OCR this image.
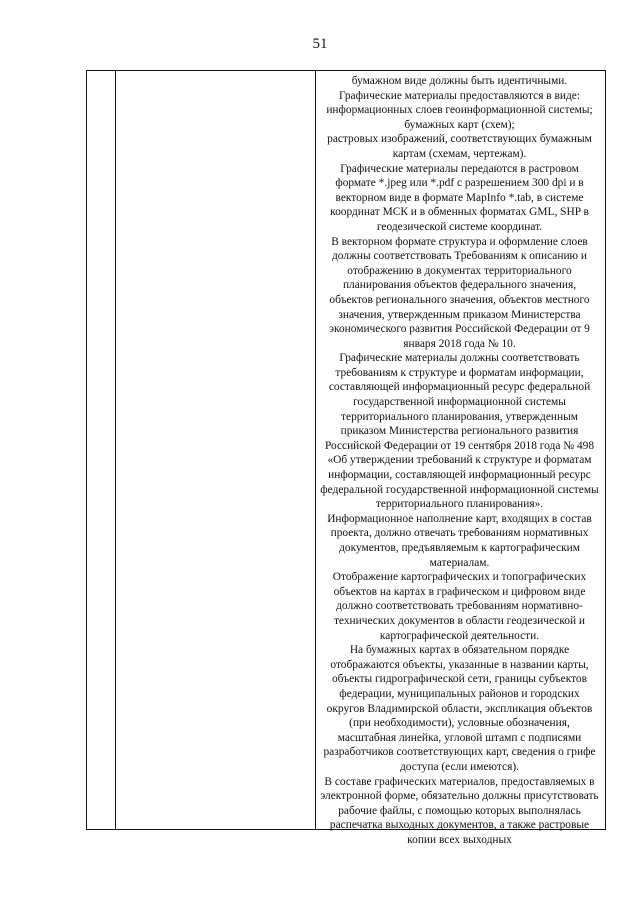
51

бумажном виде должны быть идентичными.

Графические материалы предоставляются в виде:

информационных слоев геоинформационной системы;

бумажных карт (схем);

растровых изображений, соответствующих бумажным картам (схемам, чертежам).

Графические материалы передаются в растровом формате *.jpeg или *.pdf с разрешением 300 dpi и в векторном виде в формате MapInfo *.tab, в системе координат МСК и в обменных форматах GML, SHP в геодезической системе координат.

В векторном формате структура и оформление слоев должны соответствовать Требованиям к описанию и отображению в документах территориального планирования объектов федерального значения, объектов регионального значения, объектов местного значения, утвержденным приказом Министерства экономического развития Российской Федерации от 9 января 2018 года № 10.

Графические материалы должны соответствовать требованиям к структуре и форматам информации, составляющей информационный ресурс федеральной государственной информационной системы территориального планирования, утвержденным приказом Министерства регионального развития Российской Федерации от 19 сентября 2018 года № 498 «Об утверждении требований к структуре и форматам информации, составляющей информационный ресурс федеральной государственной информационной системы территориального планирования».

Информационное наполнение карт, входящих в состав проекта, должно отвечать требованиям нормативных документов, предъявляемым к картографическим материалам.

Отображение картографических и топографических объектов на картах в графическом и цифровом виде должно соответствовать требованиям нормативно-технических документов в области геодезической и картографической деятельности.

На бумажных картах в обязательном порядке отображаются объекты, указанные в названии карты, объекты гидрографической сети, границы субъектов федерации, муниципальных районов и городских округов Владимирской области, экспликация объектов (при необходимости), условные обозначения, масштабная линейка, угловой штамп с подписями разработчиков соответствующих карт, сведения о грифе доступа (если имеются).

В составе графических материалов, предоставляемых в электронной форме, обязательно должны присутствовать рабочие файлы, с помощью которых выполнялась распечатка выходных документов, а также растровые копии всех выходных
